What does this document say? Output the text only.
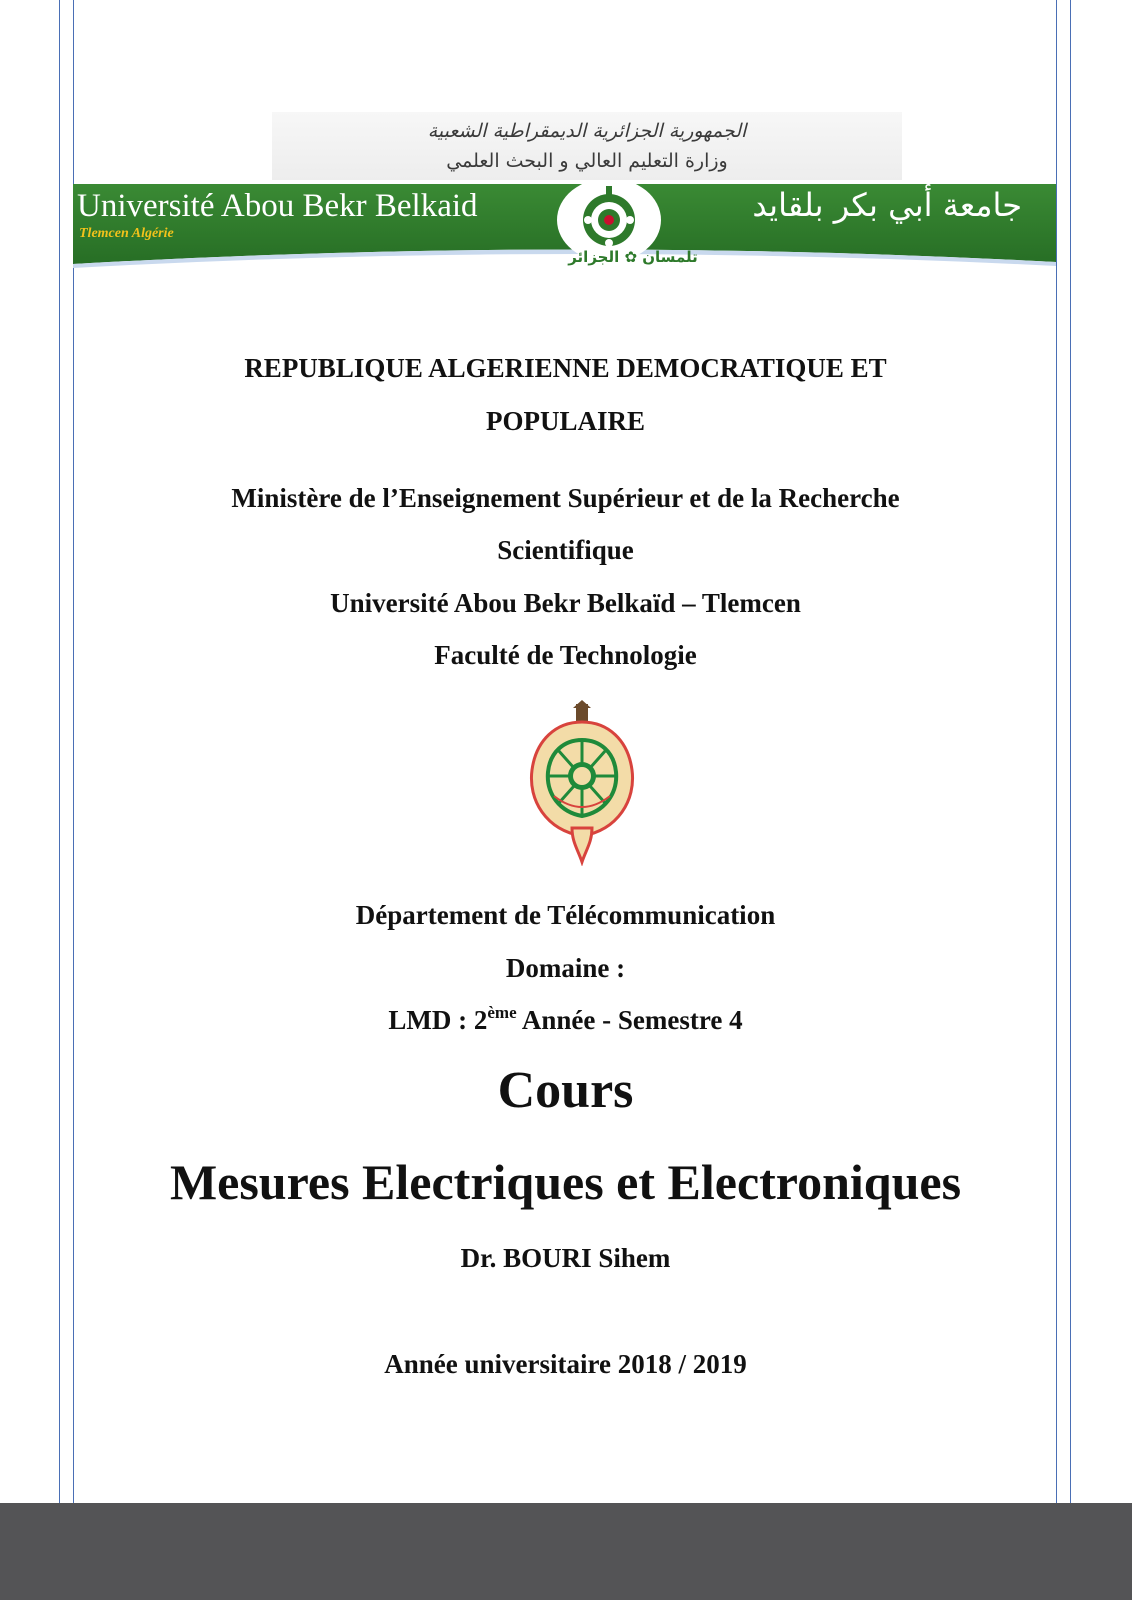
الجمهورية الجزائرية الديمقراطية الشعبية
وزارة التعليم العالي و البحث العلمي
Université Abou Bekr Belkaid
Tlemcen Algérie
جامعة أبي بكر بلقايد
تلمسان ✿ الجزائر
REPUBLIQUE ALGERIENNE DEMOCRATIQUE ET
POPULAIRE
Ministère de l’Enseignement Supérieur et de la Recherche
Scientifique
Université Abou Bekr Belkaïd – Tlemcen
Faculté de Technologie
Département de Télécommunication
Domaine :
LMD : 2ème Année - Semestre 4
Cours
Mesures Electriques et Electroniques
Dr. BOURI Sihem
Année universitaire 2018 / 2019
